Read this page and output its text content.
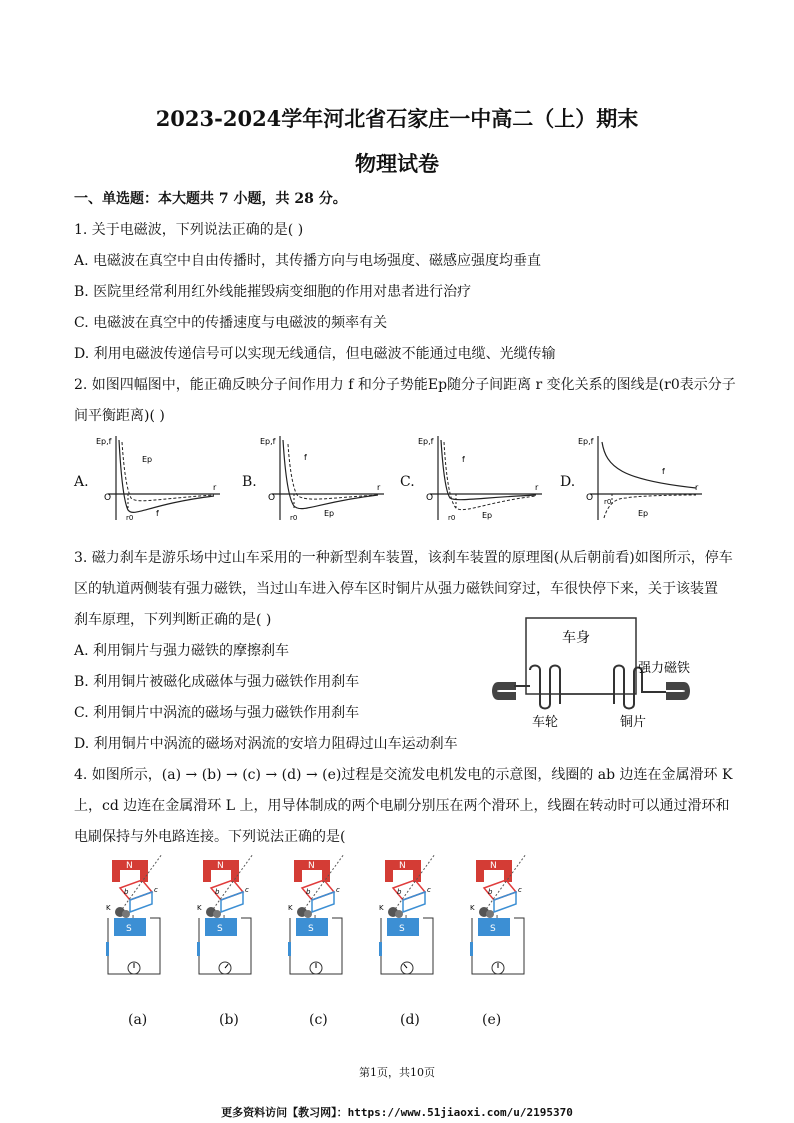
2023-2024学年河北省石家庄一中高二（上）期末
物理试卷
一、单选题：本大题共 7 小题，共 28 分。
1. 关于电磁波，下列说法正确的是( )
A. 电磁波在真空中自由传播时，其传播方向与电场强度、磁感应强度均垂直
B. 医院里经常利用红外线能摧毁病变细胞的作用对患者进行治疗
C. 电磁波在真空中的传播速度与电磁波的频率有关
D. 利用电磁波传递信号可以实现无线通信，但电磁波不能通过电缆、光缆传输
2. 如图四幅图中，能正确反映分子间作用力 f 和分子势能Ep随分子间距离 r 变化关系的图线是(r0表示分子
间平衡距离)( )
A.	B.	C.	D.
Ep,f
O
r
r0
Ep
f
Ep,f
O
r
r0
f
Ep
Ep,f
O
r
r0
f
Ep
Ep,f
O
r
r0
f
Ep
3. 磁力刹车是游乐场中过山车采用的一种新型刹车装置，该刹车装置的原理图(从后朝前看)如图所示，停车
区的轨道两侧装有强力磁铁，当过山车进入停车区时铜片从强力磁铁间穿过，车很快停下来，关于该装置
刹车原理，下列判断正确的是( )
A. 利用铜片与强力磁铁的摩擦刹车
B. 利用铜片被磁化成磁体与强力磁铁作用刹车
C. 利用铜片中涡流的磁场与强力磁铁作用刹车
D. 利用铜片中涡流的磁场对涡流的安培力阻碍过山车运动刹车
车身
强力磁铁
车轮	铜片
4. 如图所示，(a) → (b) → (c) → (d) → (e)过程是交流发电机发电的示意图，线圈的 ab 边连在金属滑环 K
上，cd 边连在金属滑环 L 上，用导体制成的两个电刷分别压在两个滑环上，线圈在转动时可以通过滑环和
电刷保持与外电路连接。下列说法正确的是(
N
b	c
K
S
N
b	c
K
S
N
b	c
K
S
N
b	c
K
S
N
b	c
K
S
(a)	(b)	(c)	(d)	(e)
第1页，共10页
更多资料访问【教习网】：https://www.51jiaoxi.com/u/2195370
